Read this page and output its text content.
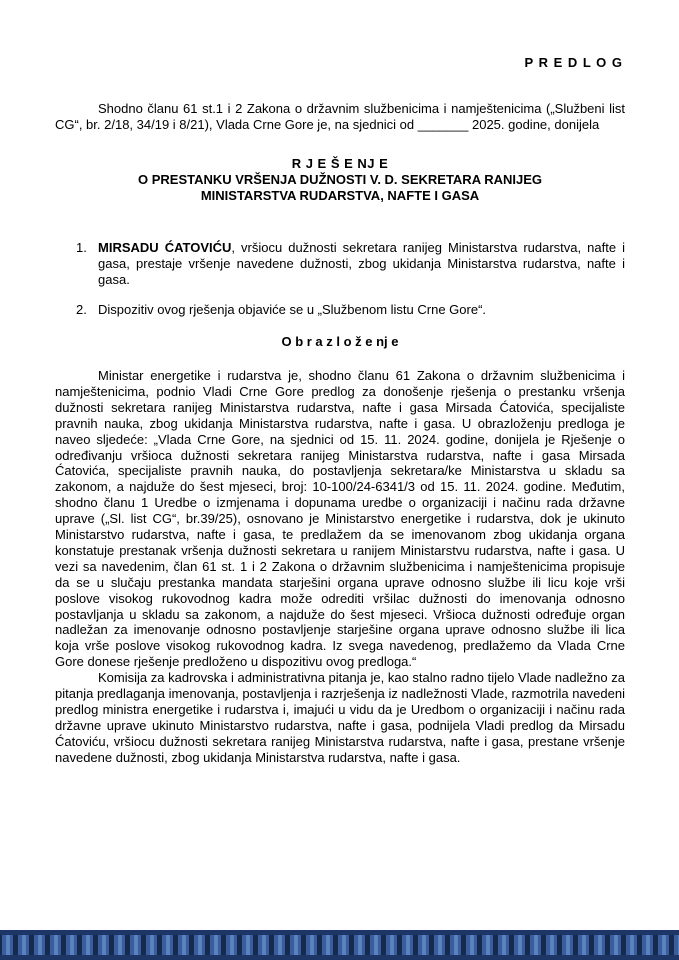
P R E D L O G

Shodno članu 61 st.1 i 2 Zakona o državnim službenicima i namještenicima („Službeni list CG“, br. 2/18, 34/19 i 8/21), Vlada Crne Gore je, na sjednici od _______ 2025. godine, donijela

R J E Š E NJ E
O PRESTANKU VRŠENJA DUŽNOSTI V. D. SEKRETARA RANIJEG
MINISTARSTVA RUDARSTVA, NAFTE I GASA
1. MIRSADU ĆATOVIĆU, vršiocu dužnosti sekretara ranijeg Ministarstva rudarstva, nafte i gasa, prestaje vršenje navedene dužnosti, zbog ukidanja Ministarstva rudarstva, nafte i gasa.
2. Dispozitiv ovog rješenja objaviće se u „Službenom listu Crne Gore“.
O b r a z l o ž e nj e

Ministar energetike i rudarstva je, shodno članu 61 Zakona o državnim službenicima i namještenicima, podnio Vladi Crne Gore predlog za donošenje rješenja o prestanku vršenja dužnosti sekretara ranijeg Ministarstva rudarstva, nafte i gasa Mirsada Ćatovića, specijaliste pravnih nauka, zbog ukidanja Ministarstva rudarstva, nafte i gasa. U obrazloženju predloga je naveo sljedeće: „Vlada Crne Gore, na sjednici od 15. 11. 2024. godine, donijela je Rješenje o određivanju vršioca dužnosti sekretara ranijeg Ministarstva rudarstva, nafte i gasa Mirsada Ćatovića, specijaliste pravnih nauka, do postavljenja sekretara/ke Ministarstva u skladu sa zakonom, a najduže do šest mjeseci, broj: 10-100/24-6341/3 od 15. 11. 2024. godine. Međutim, shodno članu 1 Uredbe o izmjenama i dopunama uredbe o organizaciji i načinu rada državne uprave („Sl. list CG“, br.39/25), osnovano je Ministarstvo energetike i rudarstva, dok je ukinuto Ministarstvo rudarstva, nafte i gasa, te predlažem da se imenovanom zbog ukidanja organa konstatuje prestanak vršenja dužnosti sekretara u ranijem Ministarstvu rudarstva, nafte i gasa. U vezi sa navedenim, član 61 st. 1 i 2 Zakona o državnim službenicima i namještenicima propisuje da se u slučaju prestanka mandata starješini organa uprave odnosno službe ili licu koje vrši poslove visokog rukovodnog kadra može odrediti vršilac dužnosti do imenovanja odnosno postavljanja u skladu sa zakonom, a najduže do šest mjeseci. Vršioca dužnosti određuje organ nadležan za imenovanje odnosno postavljenje starješine organa uprave odnosno službe ili lica koja vrše poslove visokog rukovodnog kadra. Iz svega navedenog, predlažemo da Vlada Crne Gore donese rješenje predloženo u dispozitivu ovog predloga.“

Komisija za kadrovska i administrativna pitanja je, kao stalno radno tijelo Vlade nadležno za pitanja predlaganja imenovanja, postavljenja i razrješenja iz nadležnosti Vlade, razmotrila navedeni predlog ministra energetike i rudarstva i, imajući u vidu da je Uredbom o organizaciji i načinu rada državne uprave ukinuto Ministarstvo rudarstva, nafte i gasa, podnijela Vladi predlog da Mirsadu Ćatoviću, vršiocu dužnosti sekretara ranijeg Ministarstva rudarstva, nafte i gasa, prestane vršenje navedene dužnosti, zbog ukidanja Ministarstva rudarstva, nafte i gasa.
